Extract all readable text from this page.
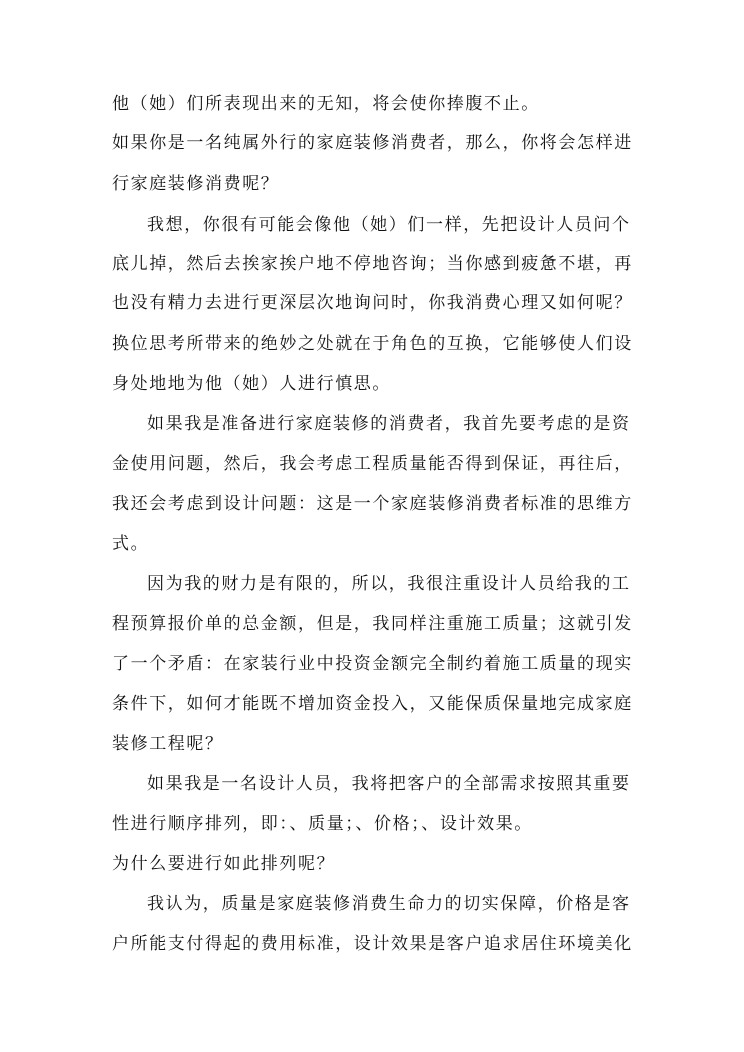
他（她）们所表现出来的无知，将会使你捧腹不止。

如果你是一名纯属外行的家庭装修消费者，那么，你将会怎样进

行家庭装修消费呢？

我想，你很有可能会像他（她）们一样，先把设计人员问个

底儿掉，然后去挨家挨户地不停地咨询；当你感到疲惫不堪，再

也没有精力去进行更深层次地询问时，你我消费心理又如何呢？

换位思考所带来的绝妙之处就在于角色的互换，它能够使人们设

身处地地为他（她）人进行慎思。

如果我是准备进行家庭装修的消费者，我首先要考虑的是资

金使用问题，然后，我会考虑工程质量能否得到保证，再往后，

我还会考虑到设计问题：这是一个家庭装修消费者标准的思维方

式。

因为我的财力是有限的，所以，我很注重设计人员给我的工

程预算报价单的总金额，但是，我同样注重施工质量；这就引发

了一个矛盾：在家装行业中投资金额完全制约着施工质量的现实

条件下，如何才能既不增加资金投入，又能保质保量地完成家庭

装修工程呢？

如果我是一名设计人员，我将把客户的全部需求按照其重要

性进行顺序排列，即：、质量；、价格；、设计效果。

为什么要进行如此排列呢？

我认为，质量是家庭装修消费生命力的切实保障，价格是客

户所能支付得起的费用标准，设计效果是客户追求居住环境美化
